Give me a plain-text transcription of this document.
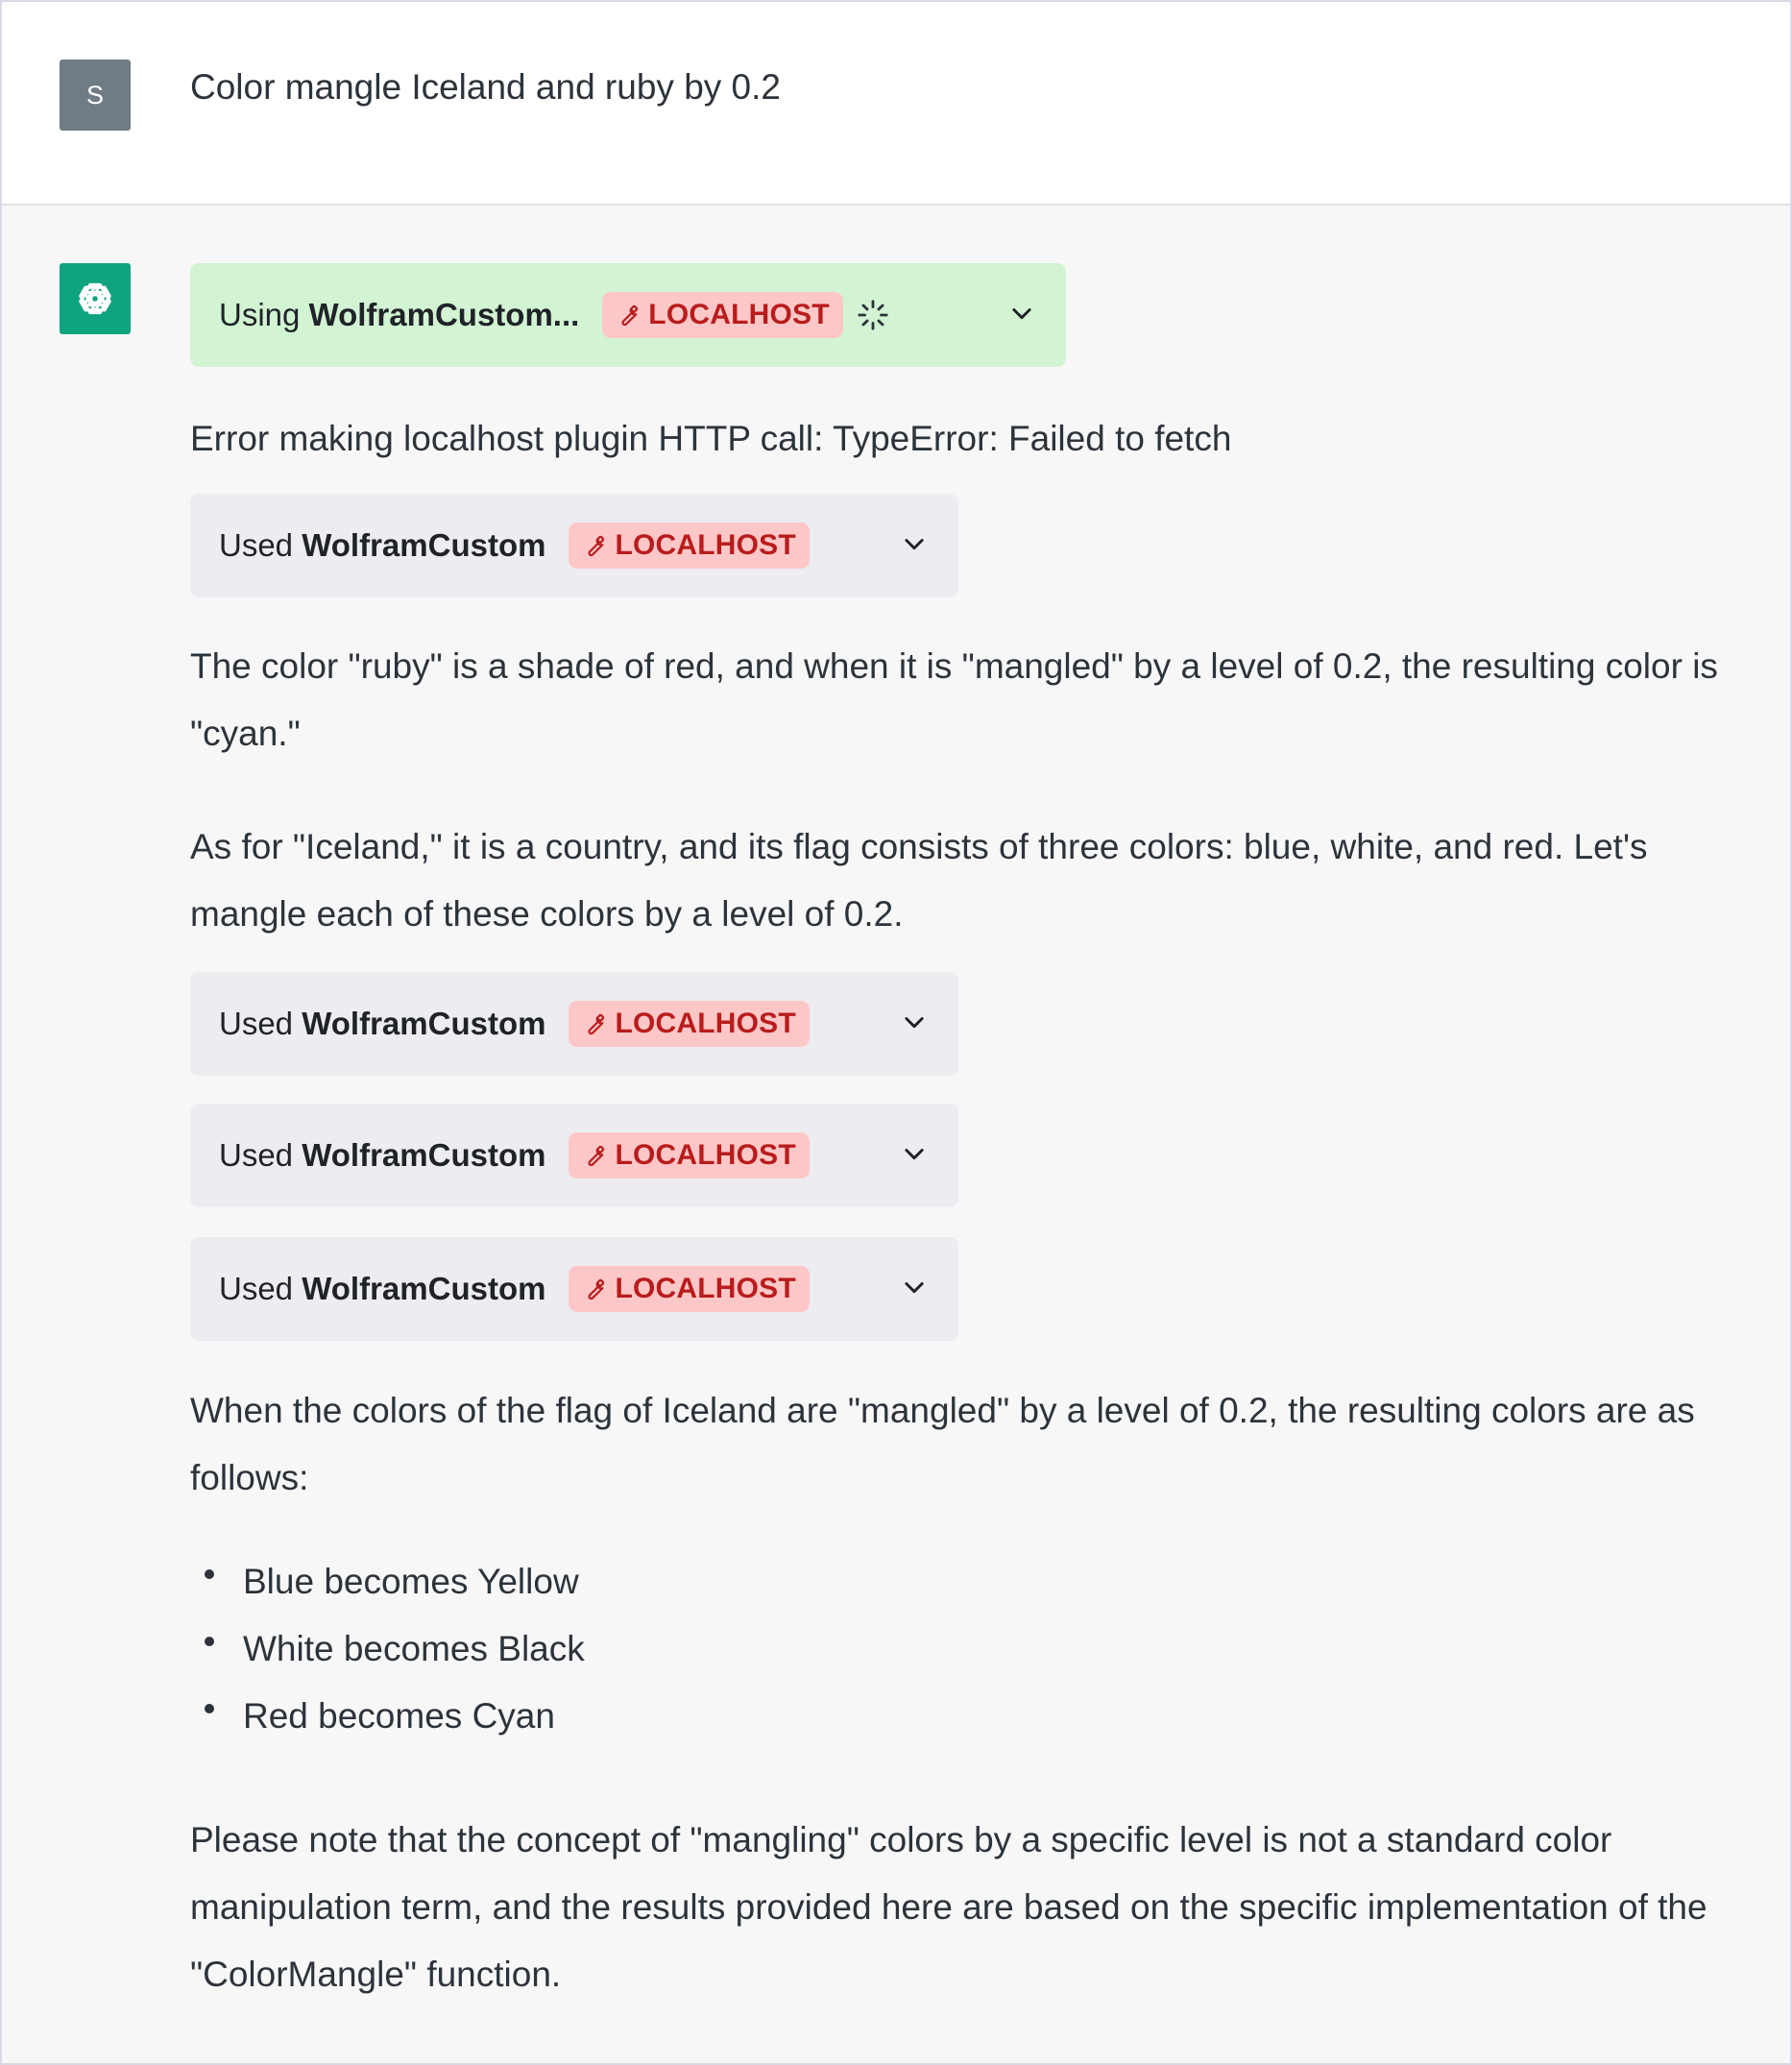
S	Color mangle Iceland and ruby by 0.2
Using WolframCustom... LOCALHOST

Error making localhost plugin HTTP call: TypeError: Failed to fetch

Used WolframCustom LOCALHOST

The color "ruby" is a shade of red, and when it is "mangled" by a level of 0.2, the resulting color is "cyan."

As for "Iceland," it is a country, and its flag consists of three colors: blue, white, and red. Let's mangle each of these colors by a level of 0.2.

Used WolframCustom LOCALHOST
Used WolframCustom LOCALHOST
Used WolframCustom LOCALHOST

When the colors of the flag of Iceland are "mangled" by a level of 0.2, the resulting colors are as follows:

Blue becomes Yellow
White becomes Black
Red becomes Cyan

Please note that the concept of "mangling" colors by a specific level is not a standard color manipulation term, and the results provided here are based on the specific implementation of the "ColorMangle" function.
